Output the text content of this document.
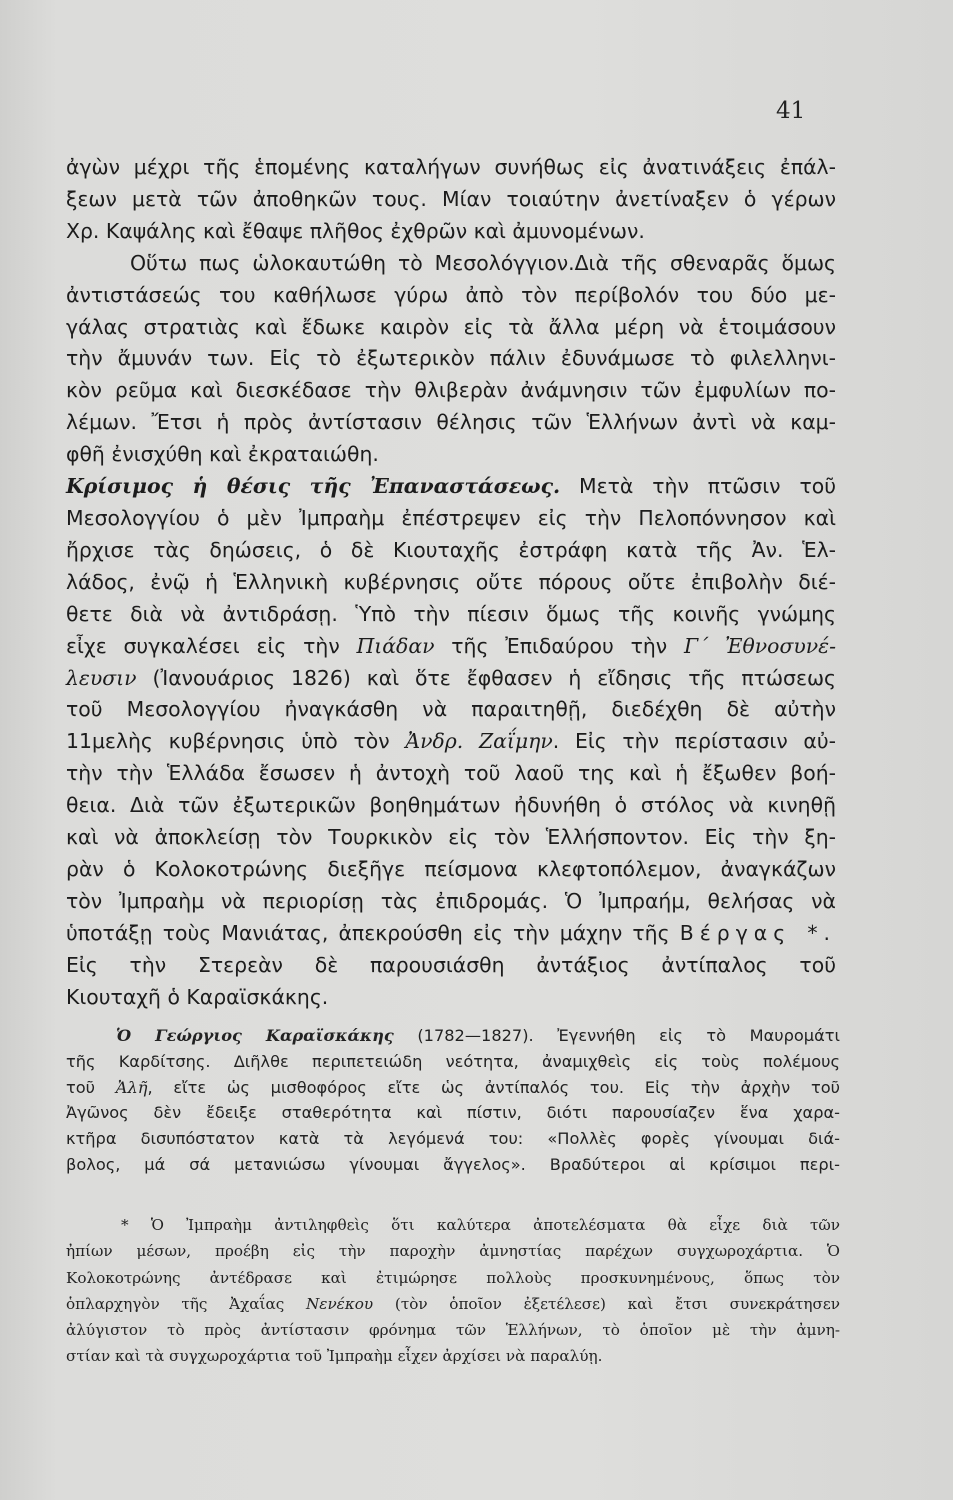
41
ἀγὼν μέχρι τῆς ἑπομένης καταλήγων συνήθως εἰς ἀνατινάξεις ἐπάλ-
ξεων μετὰ τῶν ἀποθηκῶν τους. Μίαν τοιαύτην ἀνετίναξεν ὁ γέρων
Χρ. Καψάλης καὶ ἔθαψε πλῆθος ἐχθρῶν καὶ ἀμυνομένων.
Οὕτω πως ὡλοκαυτώθη τὸ Μεσολόγγιον.Διὰ τῆς σθεναρᾶς ὅμως
ἀντιστάσεώς του καθήλωσε γύρω ἀπὸ τὸν περίβολόν του δύο με-
γάλας στρατιὰς καὶ ἔδωκε καιρὸν εἰς τὰ ἄλλα μέρη νὰ ἑτοιμάσουν
τὴν ἄμυνάν των. Εἰς τὸ ἐξωτερικὸν πάλιν ἐδυνάμωσε τὸ φιλελληνι-
κὸν ρεῦμα καὶ διεσκέδασε τὴν θλιβερὰν ἀνάμνησιν τῶν ἐμφυλίων πο-
λέμων. Ἔτσι ἡ πρὸς ἀντίστασιν θέλησις τῶν Ἑλλήνων ἀντὶ νὰ καμ-
φθῆ ἐνισχύθη καὶ ἐκραταιώθη.
Κρίσιμος ἡ θέσις τῆς Ἐπαναστάσεως. Μετὰ τὴν πτῶσιν τοῦ
Μεσολογγίου ὁ μὲν Ἰμπραὴμ ἐπέστρεψεν εἰς τὴν Πελοπόννησον καὶ
ἤρχισε τὰς δηώσεις, ὁ δὲ Κιουταχῆς ἐστράφη κατὰ τῆς Ἀν. Ἑλ-
λάδος, ἐνῷ ἡ Ἑλληνικὴ κυβέρνησις οὔτε πόρους οὔτε ἐπιβολὴν διέ-
θετε διὰ νὰ ἀντιδράσῃ. Ὑπὸ τὴν πίεσιν ὅμως τῆς κοινῆς γνώμης
εἶχε συγκαλέσει εἰς τὴν Πιάδαν τῆς Ἐπιδαύρου τὴν Γ΄ Ἐθνοσυνέ-
λευσιν (Ἰανουάριος 1826) καὶ ὅτε ἔφθασεν ἡ εἴδησις τῆς πτώσεως
τοῦ Μεσολογγίου ἠναγκάσθη νὰ παραιτηθῇ, διεδέχθη δὲ αὐτὴν
11μελὴς κυβέρνησις ὑπὸ τὸν Ἀνδρ. Ζαΐμην. Εἰς τὴν περίστασιν αὐ-
τὴν τὴν Ἑλλάδα ἔσωσεν ἡ ἀντοχὴ τοῦ λαοῦ της καὶ ἡ ἔξωθεν βοή-
θεια. Διὰ τῶν ἐξωτερικῶν βοηθημάτων ἠδυνήθη ὁ στόλος νὰ κινηθῇ
καὶ νὰ ἀποκλείσῃ τὸν Τουρκικὸν εἰς τὸν Ἑλλήσποντον. Εἰς τὴν ξη-
ρὰν ὁ Κολοκοτρώνης διεξῆγε πείσμονα κλεφτοπόλεμον, ἀναγκάζων
τὸν Ἰμπραὴμ νὰ περιορίσῃ τὰς ἐπιδρομάς. Ὁ Ἰμπραήμ, θελήσας νὰ
ὑποτάξῃ τοὺς Μανιάτας, ἀπεκρούσθη εἰς τὴν μάχην τῆς Βέργας *.
Εἰς τὴν Στερεὰν δὲ παρουσιάσθη ἀντάξιος ἀντίπαλος τοῦ
Κιουταχῆ ὁ Καραϊσκάκης.
Ὁ Γεώργιος Καραϊσκάκης (1782—1827). Ἐγεννήθη εἰς τὸ Μαυρομάτι
τῆς Καρδίτσης. Διῆλθε περιπετειώδη νεότητα, ἀναμιχθεὶς εἰς τοὺς πολέμους
τοῦ Ἀλῆ, εἴτε ὡς μισθοφόρος εἴτε ὡς ἀντίπαλός του. Εἰς τὴν ἀρχὴν τοῦ
Ἀγῶνος δὲν ἔδειξε σταθερότητα καὶ πίστιν, διότι παρουσίαζεν ἕνα χαρα-
κτῆρα δισυπόστατον κατὰ τὰ λεγόμενά του: «Πολλὲς φορὲς γίνουμαι διά-
βολος, μά σά μετανιώσω γίνουμαι ἄγγελος». Βραδύτεροι αἱ κρίσιμοι περι-
* Ὁ Ἰμπραὴμ ἀντιληφθεὶς ὅτι καλύτερα ἀποτελέσματα θὰ εἶχε διὰ τῶν
ἠπίων μέσων, προέβη εἰς τὴν παροχὴν ἀμνηστίας παρέχων συγχωροχάρτια. Ὁ
Κολοκοτρώνης ἀντέδρασε καὶ ἐτιμώρησε πολλοὺς προσκυνημένους, ὅπως τὸν
ὁπλαρχηγὸν τῆς Ἀχαΐας Νενέκου (τὸν ὁποῖον ἐξετέλεσε) καὶ ἔτσι συνεκράτησεν
ἀλύγιστον τὸ πρὸς ἀντίστασιν φρόνημα τῶν Ἑλλήνων, τὸ ὁποῖον μὲ τὴν ἀμνη-
στίαν καὶ τὰ συγχωροχάρτια τοῦ Ἰμπραὴμ εἶχεν ἀρχίσει νὰ παραλύῃ.
